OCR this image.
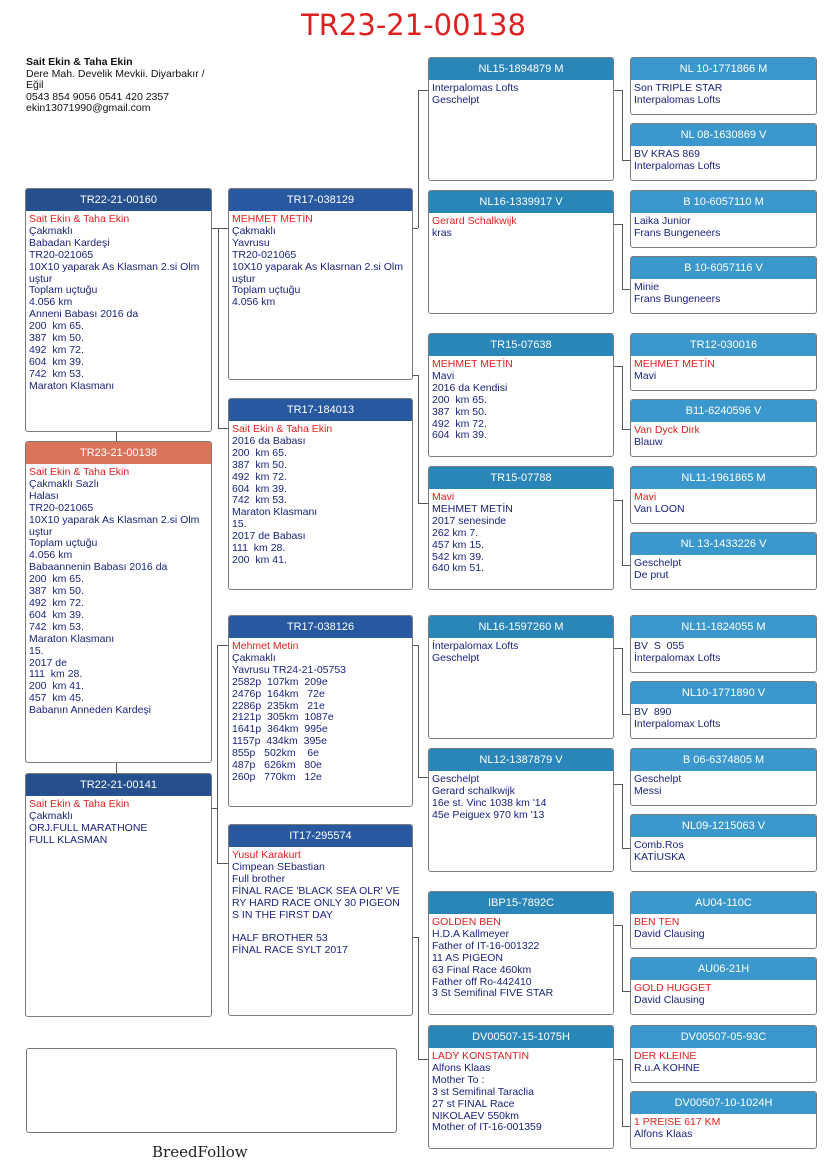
TR23-21-00138
Sait Ekin & Taha Ekin
Dere Mah. Develik Mevkii. Diyarbakır /
Eğil
0543 854 9056 0541 420 2357
ekin13071990@gmail.com
TR22-21-00160
Sait Ekin & Taha Ekin
Çakmaklı
Babadan Kardeşi
TR20-021065
10X10 yaparak As Klasman 2.si Olm
uştur
Toplam uçtuğu
4.056 km
Anneni Babası 2016 da
200  km 65.
387  km 50.
492  km 72.
604  km 39.
742  km 53.
Maraton Klasmanı
TR23-21-00138
Sait Ekin & Taha Ekin
Çakmaklı Sazlı
Halası
TR20-021065
10X10 yaparak As Klasman 2.si Olm
uştur
Toplam uçtuğu
4.056 km
Babaannenin Babası 2016 da
200  km 65.
387  km 50.
492  km 72.
604  km 39.
742  km 53.
Maraton Klasmanı
15.
2017 de
111  km 28.
200  km 41.
457  km 45.
Babanın Anneden Kardeşi
TR22-21-00141
Sait Ekin & Taha Ekin
Çakmaklı
ORJ.FULL MARATHONE
FULL KLASMAN
TR17-038129
MEHMET METİN
Çakmaklı
Yavrusu
TR20-021065
10X10 yaparak As Klasrnan 2.si Olm
uştur
Toplam uçtuğu
4.056 km
TR17-184013
Sait Ekin & Taha Ekin
2016 da Babası
200  km 65.
387  km 50.
492  km 72.
604  km 39.
742  km 53.
Maraton Klasmanı
15.
2017 de Babası
111  km 28.
200  km 41.
TR17-038126
Mehmet Metin
Çakmaklı
Yavrusu TR24-21-05753
2582p  107km  209e
2476p  164km   72e
2286p  235km   21e
2121p  305km  1087e
1641p  364km  995e
1157p  434km  395e
855p   502km    6e
487p   626km   80e
260p   770km   12e
IT17-295574
Yusuf Karakurt
Cimpean SEbastian
Full brother
FİNAL RACE 'BLACK SEA OLR' VE
RY HARD RACE ONLY 30 PIGEON
S IN THE FIRST DAY
HALF BROTHER 53
FİNAL RACE SYLT 2017
NL15-1894879 M
Interpalomas Lofts
Geschelpt
NL16-1339917 V
Gerard Schalkwijk
kras
TR15-07638
MEHMET METİN
Mavi
2016 da Kendisi
200  km 65.
387  km 50.
492  km 72.
604  km 39.
TR15-07788
Mavi
MEHMET METİN
2017 senesinde
262 km 7.
457 km 15.
542 km 39.
640 km 51.
NL16-1597260 M
İnterpalomax Lofts
Geschelpt
NL12-1387879 V
Geschelpt
Gerard schalkwijk
16e st. Vinc 1038 km '14
45e Peiguex 970 km '13
IBP15-7892C
GOLDEN BEN
H.D.A Kallmeyer
Father of IT-16-001322
11 AS PIGEON
63 Final Race 460km
Father off Ro-442410
3 St Semifinal FIVE STAR
DV00507-15-1075H
LADY KONSTANTIN
Alfons Klaas
Mother To :
3 st Semifinal Taraclia
27 st FINAL Race
NIKOLAEV 550km
Mother of IT-16-001359
NL 10-1771866 M
Son TRIPLE STAR
Interpalomas Lofts
NL 08-1630869 V
BV KRAS 869
Interpalomas Lofts
B 10-6057110 M
Laika Junior
Frans Bungeneers
B 10-6057116 V
Minie
Frans Bungeneers
TR12-030016
MEHMET METİN
Mavi
B11-6240596 V
Van Dyck Dirk
Blauw
NL11-1961865 M
Mavi
Van LOON
NL 13-1433226 V
Geschelpt
De prut
NL11-1824055 M
BV  S  055
İnterpalomax Lofts
NL10-1771890 V
BV  890
Interpalomax Lofts
B 06-6374805 M
Geschelpt
Messi
NL09-1215063 V
Comb.Ros
KATİUSKA
AU04-110C
BEN TEN
David Clausing
AU06-21H
GOLD HUGGET
David Clausing
DV00507-05-93C
DER KLEINE
R.u.A KOHNE
DV00507-10-1024H
1 PREISE 617 KM
Alfons Klaas
BreedFollow
